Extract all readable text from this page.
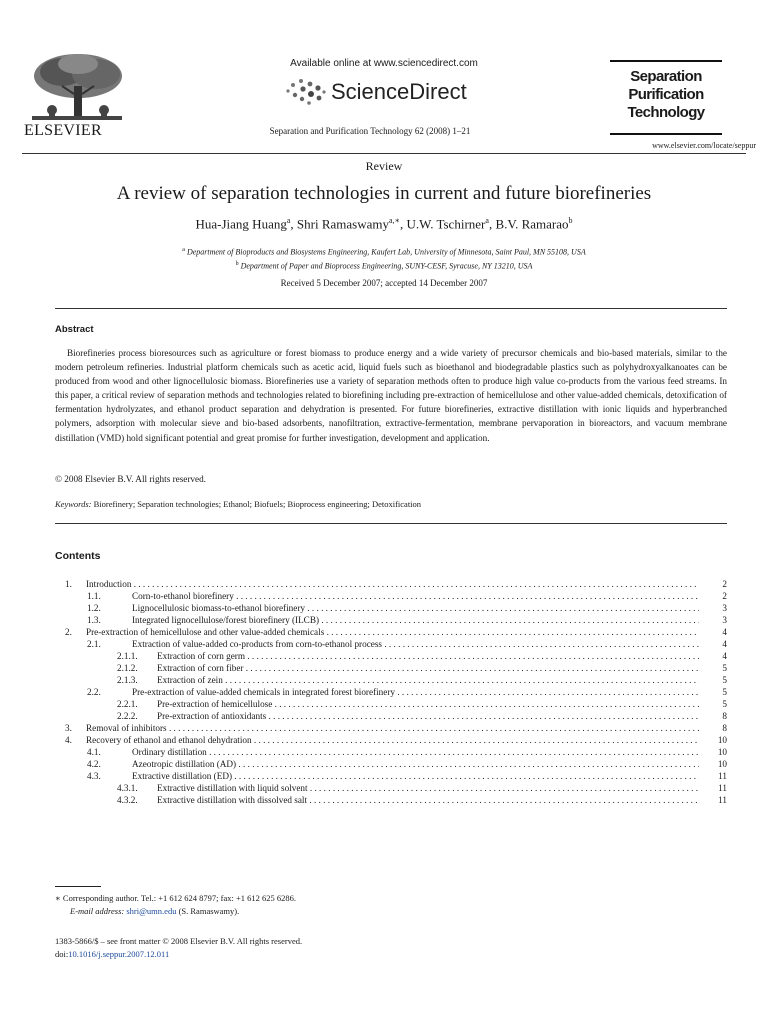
ELSEVIER
Available online at www.sciencedirect.com
ScienceDirect
Separation and Purification Technology 62 (2008) 1–21
Separation
Purification
Technology
www.elsevier.com/locate/seppur
Review
A review of separation technologies in current and future biorefineries
Hua-Jiang Huang$^a$, Shri Ramaswamy$^{a,∗}$, U.W. Tschirner$^a$, B.V. Ramarao$^b$
$^a$ Department of Bioproducts and Biosystems Engineering, Kaufert Lab, University of Minnesota, Saint Paul, MN 55108, USA
$^b$ Department of Paper and Bioprocess Engineering, SUNY-CESF, Syracuse, NY 13210, USA
Received 5 December 2007; accepted 14 December 2007
Abstract

Biorefineries process bioresources such as agriculture or forest biomass to produce energy and a wide variety of precursor chemicals and bio-based materials, similar to the modern petroleum refineries. Industrial platform chemicals such as acetic acid, liquid fuels such as bioethanol and biodegradable plastics such as polyhydroxyalkanoates can be produced from wood and other lignocellulosic biomass. Biorefineries use a variety of separation methods often to produce high value co-products from the various feed streams. In this paper, a critical review of separation methods and technologies related to biorefining including pre-extraction of hemicellulose and other value-added chemicals, detoxification of fermentation hydrolyzates, and ethanol product separation and dehydration is presented. For future biorefineries, extractive distillation with ionic liquids and hyperbranched polymers, adsorption with molecular sieve and bio-based adsorbents, nanofiltration, extractive-fermentation, membrane pervaporation in bioreactors, and vacuum membrane distillation (VMD) hold significant potential and great promise for further investigation, development and application.

© 2008 Elsevier B.V. All rights reserved.
Keywords: Biorefinery; Separation technologies; Ethanol; Biofuels; Bioprocess engineering; Detoxification
Contents
1. Introduction . . .	2
1.1.	Corn-to-ethanol biorefinery . . .	2
1.2.	Lignocellulosic biomass-to-ethanol biorefinery . . .	3
1.3.	Integrated lignocellulose/forest biorefinery (ILCB) . . .	3
2. Pre-extraction of hemicellulose and other value-added chemicals . . .	4
2.1.	Extraction of value-added co-products from corn-to-ethanol process . . .	4
2.1.1. Extraction of corn germ . . .	4
2.1.2. Extraction of corn fiber . . .	5
2.1.3. Extraction of zein . . .	5
2.2.	Pre-extraction of value-added chemicals in integrated forest biorefinery . . .	5
2.2.1. Pre-extraction of hemicellulose . . .	5
2.2.2. Pre-extraction of antioxidants . . .	8
3. Removal of inhibitors . . .	8
4. Recovery of ethanol and ethanol dehydration . . .	10
4.1.	Ordinary distillation . . .	10
4.2.	Azeotropic distillation (AD) . . .	10
4.3.	Extractive distillation (ED) . . .	11
4.3.1. Extractive distillation with liquid solvent . . .	11
4.3.2. Extractive distillation with dissolved salt . . .	11
∗ Corresponding author. Tel.: +1 612 624 8797; fax: +1 612 625 6286.
E-mail address: shri@umn.edu (S. Ramaswamy).
1383-5866/$ – see front matter © 2008 Elsevier B.V. All rights reserved.
doi:10.1016/j.seppur.2007.12.011
